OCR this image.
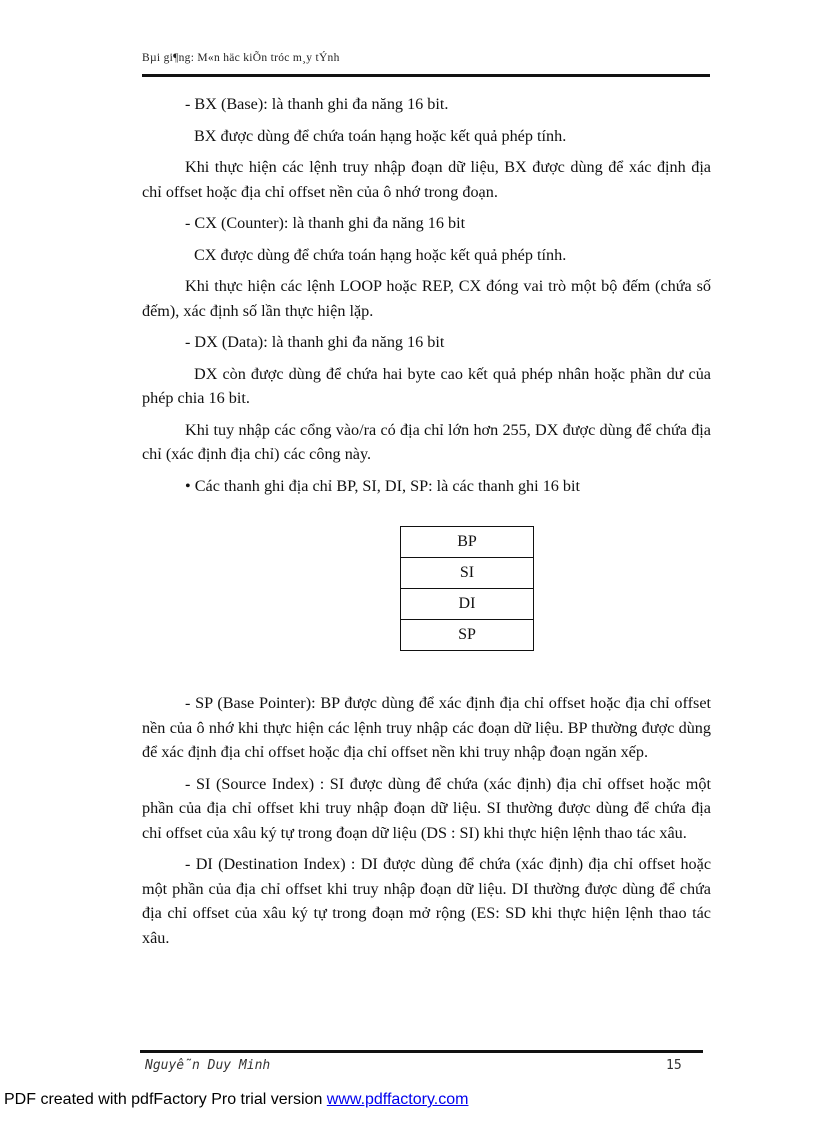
Bµi gi¶ng: M«n häc kiÕn tróc m¸y tÝnh

- BX (Base): là thanh ghi đa năng 16 bit.

BX được dùng để chứa toán hạng hoặc kết quả phép tính.

Khi thực hiện các lệnh truy nhập đoạn dữ liệu, BX được dùng để xác định địa chỉ offset hoặc địa chỉ offset nền của ô nhớ trong đoạn.

- CX (Counter): là thanh ghi đa năng 16 bit

CX được dùng để chứa toán hạng hoặc kết quả phép tính.

Khi thực hiện các lệnh LOOP hoặc REP, CX đóng vai trò một bộ đếm (chứa số đếm), xác định số lần thực hiện lặp.

- DX (Data): là thanh ghi đa năng 16 bit

DX còn được dùng để chứa hai byte cao kết quả phép nhân hoặc phần dư của phép chia 16 bit.

Khi tuy nhập các cổng vào/ra có địa chỉ lớn hơn 255, DX được dùng để chứa địa chỉ (xác định địa chỉ) các công này.

• Các thanh ghi địa chỉ BP, SI, DI, SP: là các thanh ghi 16 bit

BP
SI
DI
SP

- SP (Base Pointer): BP được dùng để xác định địa chỉ offset hoặc địa chỉ offset nền của ô nhớ khi thực hiện các lệnh truy nhập các đoạn dữ liệu. BP thường được dùng để xác định địa chỉ offset hoặc địa chỉ offset nền khi truy nhập đoạn ngăn xếp.

- SI (Source Index) : SI được dùng để chứa (xác định) địa chỉ offset hoặc một phần của địa chỉ offset khi truy nhập đoạn dữ liệu. SI thường được dùng để chứa địa chỉ offset của xâu ký tự trong đoạn dữ liệu (DS : SI) khi thực hiện lệnh thao tác xâu.

- DI (Destination Index) : DI được dùng để chứa (xác định) địa chỉ offset hoặc một phần của địa chỉ offset khi truy nhập đoạn dữ liệu. DI thường được dùng để chứa địa chỉ offset của xâu ký tự trong đoạn mở rộng (ES: SD khi thực hiện lệnh thao tác xâu.

Nguyễn Duy Minh	15
PDF created with pdfFactory Pro trial version www.pdffactory.com
